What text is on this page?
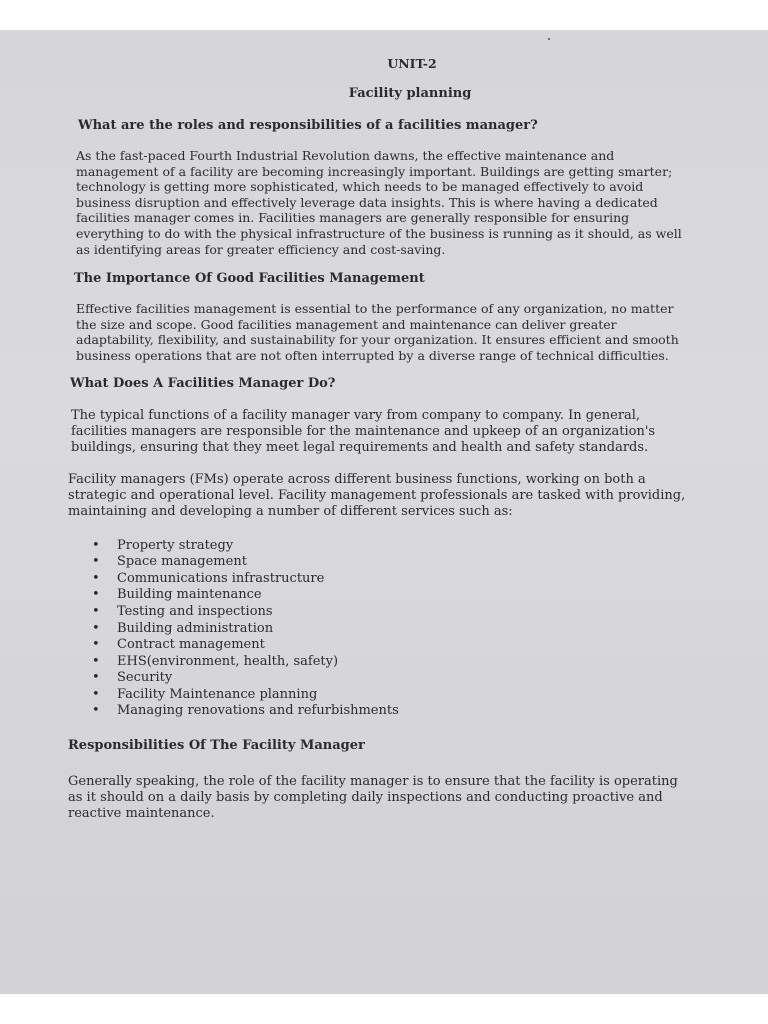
UNIT-2
Facility planning
What are the roles and responsibilities of a facilities manager?

As the fast-paced Fourth Industrial Revolution dawns, the effective maintenance and management of a facility are becoming increasingly important. Buildings are getting smarter; technology is getting more sophisticated, which needs to be managed effectively to avoid business disruption and effectively leverage data insights. This is where having a dedicated facilities manager comes in. Facilities managers are generally responsible for ensuring everything to do with the physical infrastructure of the business is running as it should, as well as identifying areas for greater efficiency and cost-saving.

The Importance Of Good Facilities Management

Effective facilities management is essential to the performance of any organization, no matter the size and scope. Good facilities management and maintenance can deliver greater adaptability, flexibility, and sustainability for your organization. It ensures efficient and smooth business operations that are not often interrupted by a diverse range of technical difficulties.

What Does A Facilities Manager Do?

The typical functions of a facility manager vary from company to company. In general, facilities managers are responsible for the maintenance and upkeep of an organization's buildings, ensuring that they meet legal requirements and health and safety standards.

Facility managers (FMs) operate across different business functions, working on both a strategic and operational level. Facility management professionals are tasked with providing, maintaining and developing a number of different services such as:

• Property strategy
• Space management
• Communications infrastructure
• Building maintenance
• Testing and inspections
• Building administration
• Contract management
• EHS(environment, health, safety)
• Security
• Facility Maintenance planning
• Managing renovations and refurbishments
Responsibilities Of The Facility Manager

Generally speaking, the role of the facility manager is to ensure that the facility is operating as it should on a daily basis by completing daily inspections and conducting proactive and reactive maintenance.
